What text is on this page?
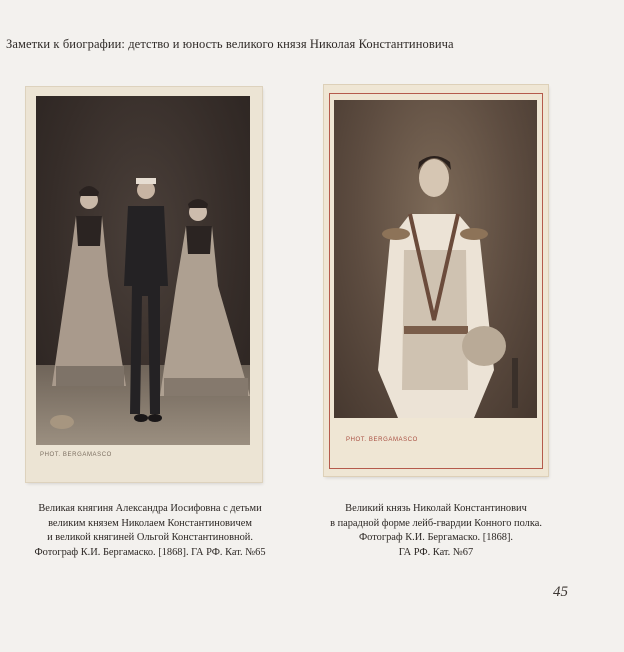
Заметки к биографии: детство и юность великого князя Николая Константиновича
PHOT. BERGAMASCO
PHOT. BERGAMASCO
Великая княгиня Александра Иосифовна с детьми
великим князем Николаем Константиновичем
и великой княгиней Ольгой Константиновной.
Фотограф К.И. Бергамаско. [1868]. ГА РФ. Кат. №65
Великий князь Николай Константинович
в парадной форме лейб-гвардии Конного полка.
Фотограф К.И. Бергамаско. [1868].
ГА РФ. Кат. №67
45
